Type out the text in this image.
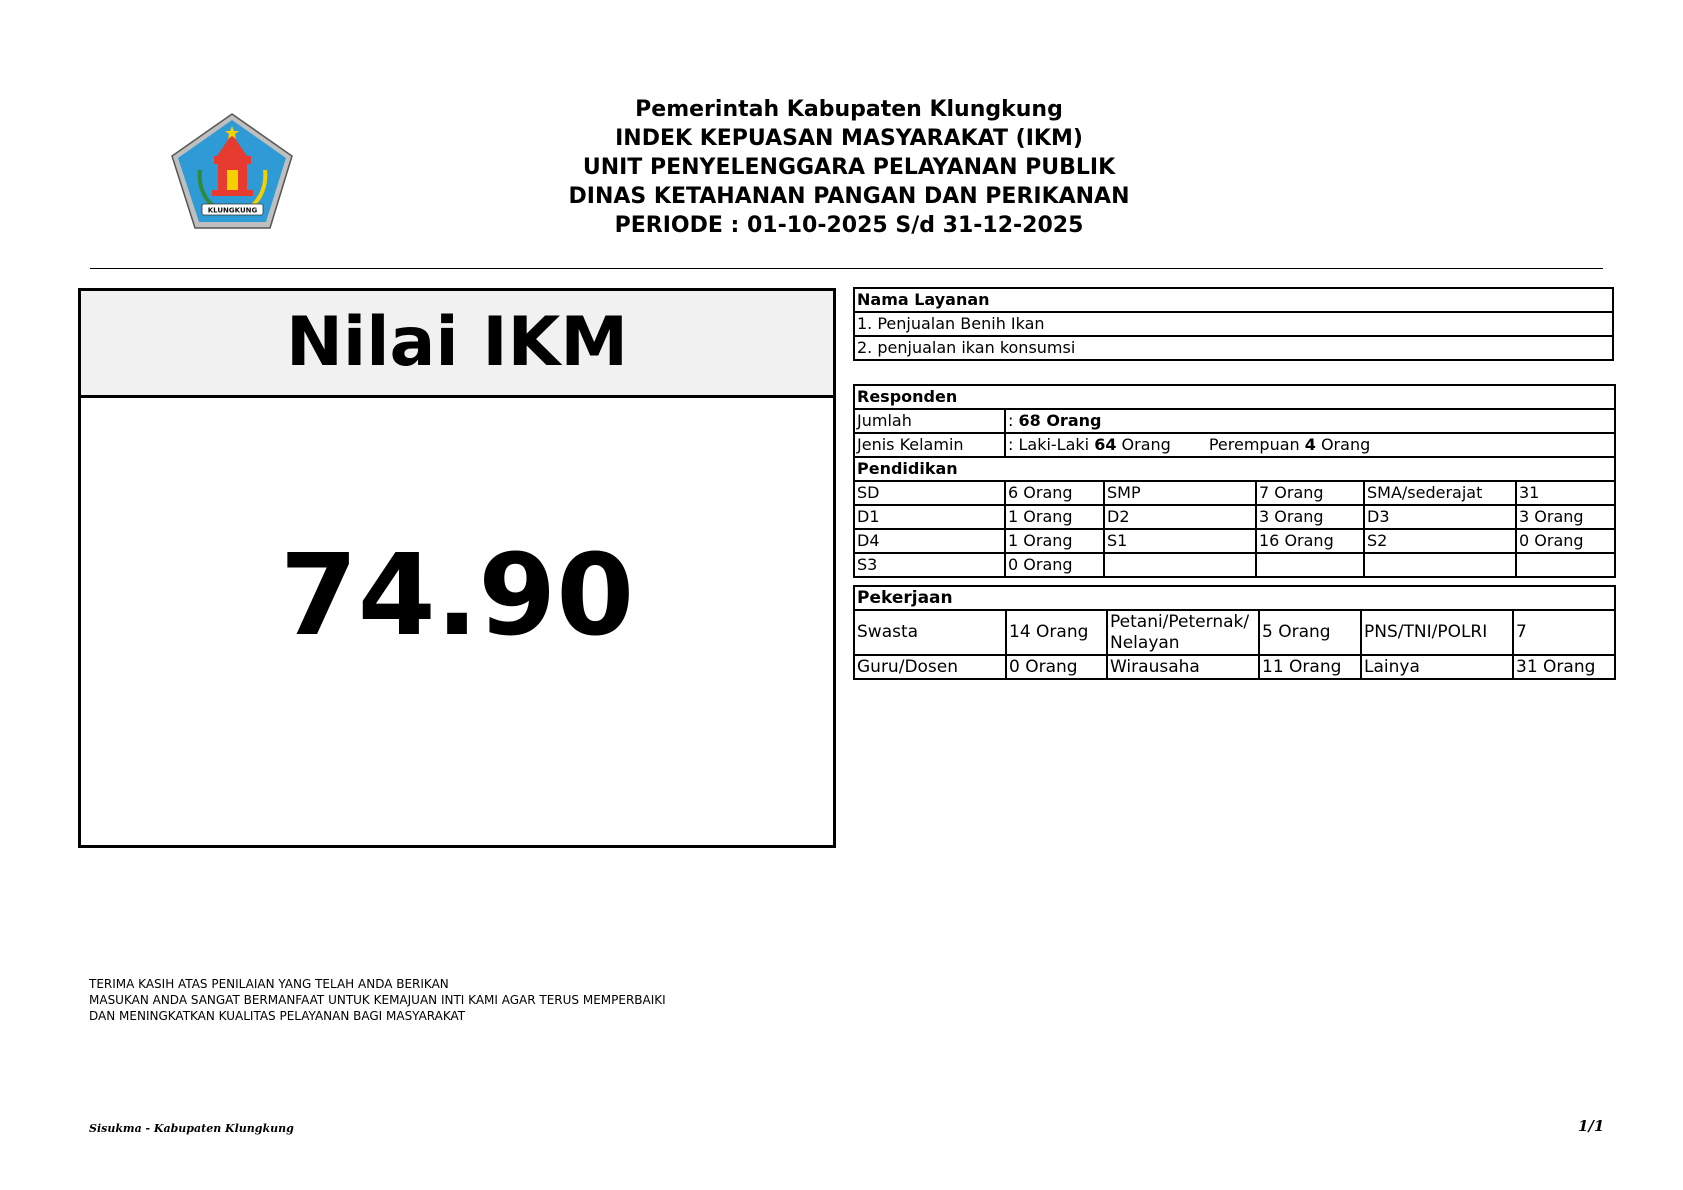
Pemerintah Kabupaten Klungkung
INDEK KEPUASAN MASYARAKAT (IKM)
UNIT PENYELENGGARA PELAYANAN PUBLIK
DINAS KETAHANAN PANGAN DAN PERIKANAN
PERIODE : 01-10-2025 S/d 31-12-2025
KLUNGKUNG
Nilai IKM
74.90
Nama Layanan
1. Penjualan Benih Ikan
2. penjualan ikan konsumsi
Responden					
Jumlah	: 68 Orang				
Jenis Kelamin	: Laki-Laki 64 Orang Perempuan 4 Orang				
Pendidikan					
SD	6 Orang	SMP	7 Orang	SMA/sederajat	31
D1	1 Orang	D2	3 Orang	D3	3 Orang
D4	1 Orang	S1	16 Orang	S2	0 Orang
S3	0 Orang				
Pekerjaan					
Swasta	14 Orang	Petani/Peternak/ Nelayan	5 Orang	PNS/TNI/POLRI	7
Guru/Dosen	0 Orang	Wirausaha	11 Orang	Lainya	31 Orang
TERIMA KASIH ATAS PENILAIAN YANG TELAH ANDA BERIKAN
MASUKAN ANDA SANGAT BERMANFAAT UNTUK KEMAJUAN INTI KAMI AGAR TERUS MEMPERBAIKI
DAN MENINGKATKAN KUALITAS PELAYANAN BAGI MASYARAKAT
Sisukma - Kabupaten Klungkung	1/1
